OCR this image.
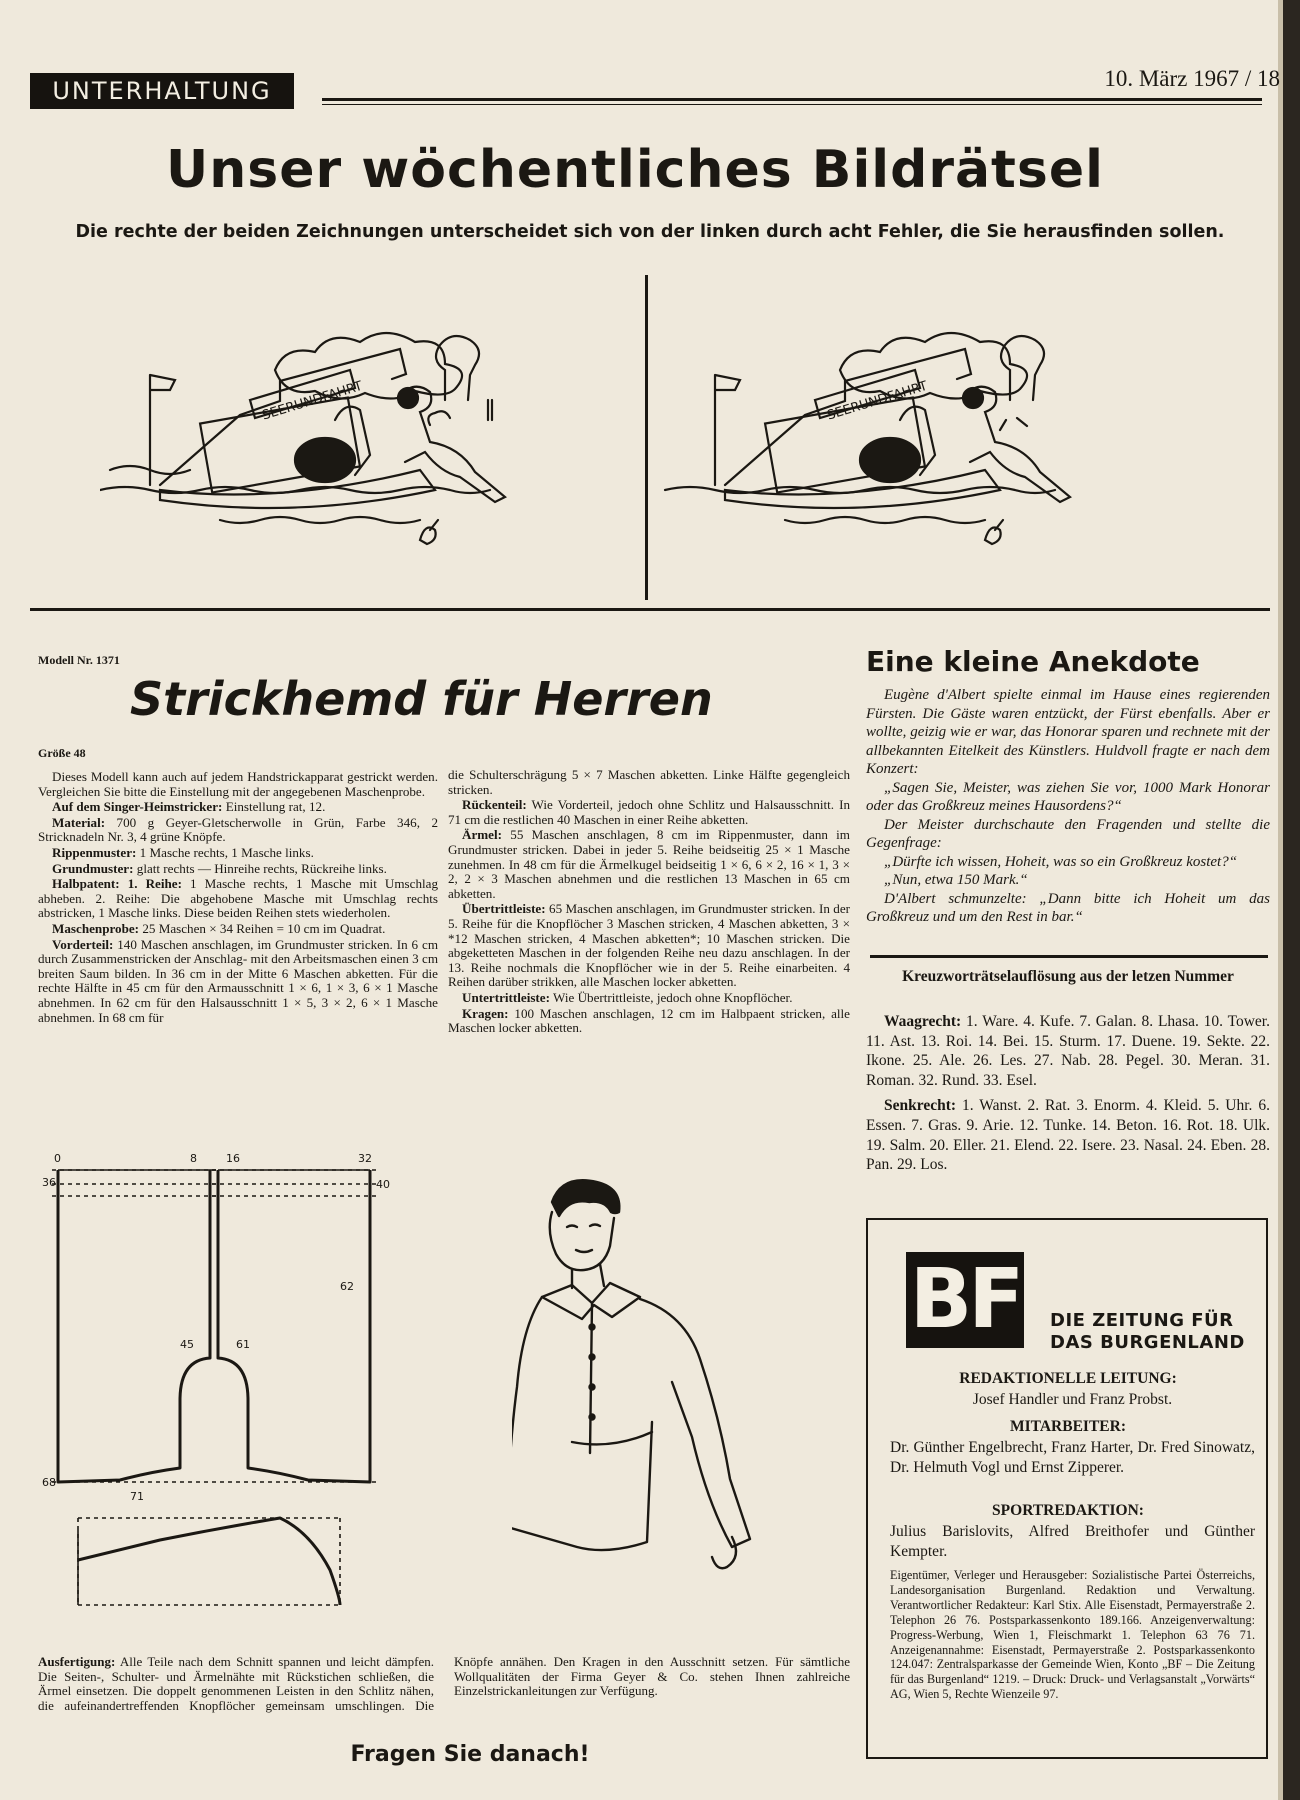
UNTERHALTUNG	10. März 1967 / 18
Unser wöchentliches Bildrätsel
Die rechte der beiden Zeichnungen unterscheidet sich von der linken durch acht Fehler, die Sie herausfinden sollen.
SEERUNDFAHRT	SEERUNDFAHRT
Modell Nr. 1371
Strickhemd für Herren
Größe 48

Dieses Modell kann auch auf jedem Handstrickapparat gestrickt werden. Vergleichen Sie bitte die Einstellung mit der angegebenen Maschenprobe.

Auf dem Singer-Heimstricker: Einstellung rat, 12.

Material: 700 g Geyer-Gletscherwolle in Grün, Farbe 346, 2 Stricknadeln Nr. 3, 4 grüne Knöpfe.

Rippenmuster: 1 Masche rechts, 1 Masche links.

Grundmuster: glatt rechts — Hinreihe rechts, Rückreihe links.

Halbpatent: 1. Reihe: 1 Masche rechts, 1 Masche mit Umschlag abheben. 2. Reihe: Die abgehobene Masche mit Umschlag rechts abstricken, 1 Masche links. Diese beiden Reihen stets wiederholen.

Maschenprobe: 25 Maschen × 34 Reihen = 10 cm im Quadrat.

Vorderteil: 140 Maschen anschlagen, im Grundmuster stricken. In 6 cm durch Zusammenstricken der Anschlag- mit den Arbeitsmaschen einen 3 cm breiten Saum bilden. In 36 cm in der Mitte 6 Maschen abketten. Für die rechte Hälfte in 45 cm für den Armausschnitt 1 × 6, 1 × 3, 6 × 1 Masche abnehmen. In 62 cm für den Halsausschnitt 1 × 5, 3 × 2, 6 × 1 Masche abnehmen. In 68 cm für

die Schulterschrägung 5 × 7 Maschen abketten. Linke Hälfte gegengleich stricken.

Rückenteil: Wie Vorderteil, jedoch ohne Schlitz und Halsausschnitt. In 71 cm die restlichen 40 Maschen in einer Reihe abketten.

Ärmel: 55 Maschen anschlagen, 8 cm im Rippenmuster, dann im Grundmuster stricken. Dabei in jeder 5. Reihe beidseitig 25 × 1 Masche zunehmen. In 48 cm für die Ärmelkugel beidseitig 1 × 6, 6 × 2, 16 × 1, 3 × 2, 2 × 3 Maschen abnehmen und die restlichen 13 Maschen in 65 cm abketten.

Übertrittleiste: 65 Maschen anschlagen, im Grundmuster stricken. In der 5. Reihe für die Knopflöcher 3 Maschen stricken, 4 Maschen abketten, 3 × *12 Maschen stricken, 4 Maschen abketten*; 10 Maschen stricken. Die abgeketteten Maschen in der folgenden Reihe neu dazu anschlagen. In der 13. Reihe nochmals die Knopflöcher wie in der 5. Reihe einarbeiten. 4 Reihen darüber strikken, alle Maschen locker abketten.

Untertrittleiste: Wie Übertrittleiste, jedoch ohne Knopflöcher.

Kragen: 100 Maschen anschlagen, 12 cm im Halbpaent stricken, alle Maschen locker abketten.

0	8	16	32
36	40
45	61
62
68
71
Eine kleine Anekdote

Eugène d'Albert spielte einmal im Hause eines regierenden Fürsten. Die Gäste waren entzückt, der Fürst ebenfalls. Aber er wollte, geizig wie er war, das Honorar sparen und rechnete mit der allbekannten Eitelkeit des Künstlers. Huldvoll fragte er nach dem Konzert:

„Sagen Sie, Meister, was ziehen Sie vor, 1000 Mark Honorar oder das Großkreuz meines Hausordens?“

Der Meister durchschaute den Fragenden und stellte die Gegenfrage:

„Dürfte ich wissen, Hoheit, was so ein Großkreuz kostet?“

„Nun, etwa 150 Mark.“

D'Albert schmunzelte: „Dann bitte ich Hoheit um das Großkreuz und um den Rest in bar.“

Kreuzworträtselauflösung aus der letzen Nummer

Waagrecht: 1. Ware. 4. Kufe. 7. Galan. 8. Lhasa. 10. Tower. 11. Ast. 13. Roi. 14. Bei. 15. Sturm. 17. Duene. 19. Sekte. 22. Ikone. 25. Ale. 26. Les. 27. Nab. 28. Pegel. 30. Meran. 31. Roman. 32. Rund. 33. Esel.

Senkrecht: 1. Wanst. 2. Rat. 3. Enorm. 4. Kleid. 5. Uhr. 6. Essen. 7. Gras. 9. Arie. 12. Tunke. 14. Beton. 16. Rot. 18. Ulk. 19. Salm. 20. Eller. 21. Elend. 22. Isere. 23. Nasal. 24. Eben. 28. Pan. 29. Los.

BF DIE ZEITUNG FÜR
DAS BURGENLAND
REDAKTIONELLE LEITUNG:
Josef Handler und Franz Probst.
MITARBEITER:
Dr. Günther Engelbrecht, Franz Harter, Dr. Fred Sinowatz, Dr. Helmuth Vogl und Ernst Zipperer.
SPORTREDAKTION:
Julius Barislovits, Alfred Breithofer und Günther Kempter.
Eigentümer, Verleger und Herausgeber: Sozialistische Partei Österreichs, Landesorganisation Burgenland. Redaktion und Verwaltung. Verantwortlicher Redakteur: Karl Stix. Alle Eisenstadt, Permayerstraße 2. Telephon 26 76. Postsparkassenkonto 189.166. Anzeigenverwaltung: Progress-Werbung, Wien 1, Fleischmarkt 1. Telephon 63 76 71. Anzeigenannahme: Eisenstadt, Permayerstraße 2. Postsparkassenkonto 124.047: Zentralsparkasse der Gemeinde Wien, Konto „BF – Die Zeitung für das Burgenland“ 1219. – Druck: Druck- und Verlagsanstalt „Vorwärts“ AG, Wien 5, Rechte Wienzeile 97.

Ausfertigung: Alle Teile nach dem Schnitt spannen und leicht dämpfen. Die Seiten-, Schulter- und Ärmelnähte mit Rückstichen schließen, die Ärmel einsetzen. Die doppelt genommenen Leisten in den Schlitz nähen, die aufeinandertreffenden Knopflöcher gemeinsam umschlingen. Die Knöpfe annähen. Den Kragen in den Ausschnitt setzen. Für sämtliche Wollqualitäten der Firma Geyer & Co. stehen Ihnen zahlreiche Einzelstrickanleitungen zur Verfügung.

Fragen Sie danach!
